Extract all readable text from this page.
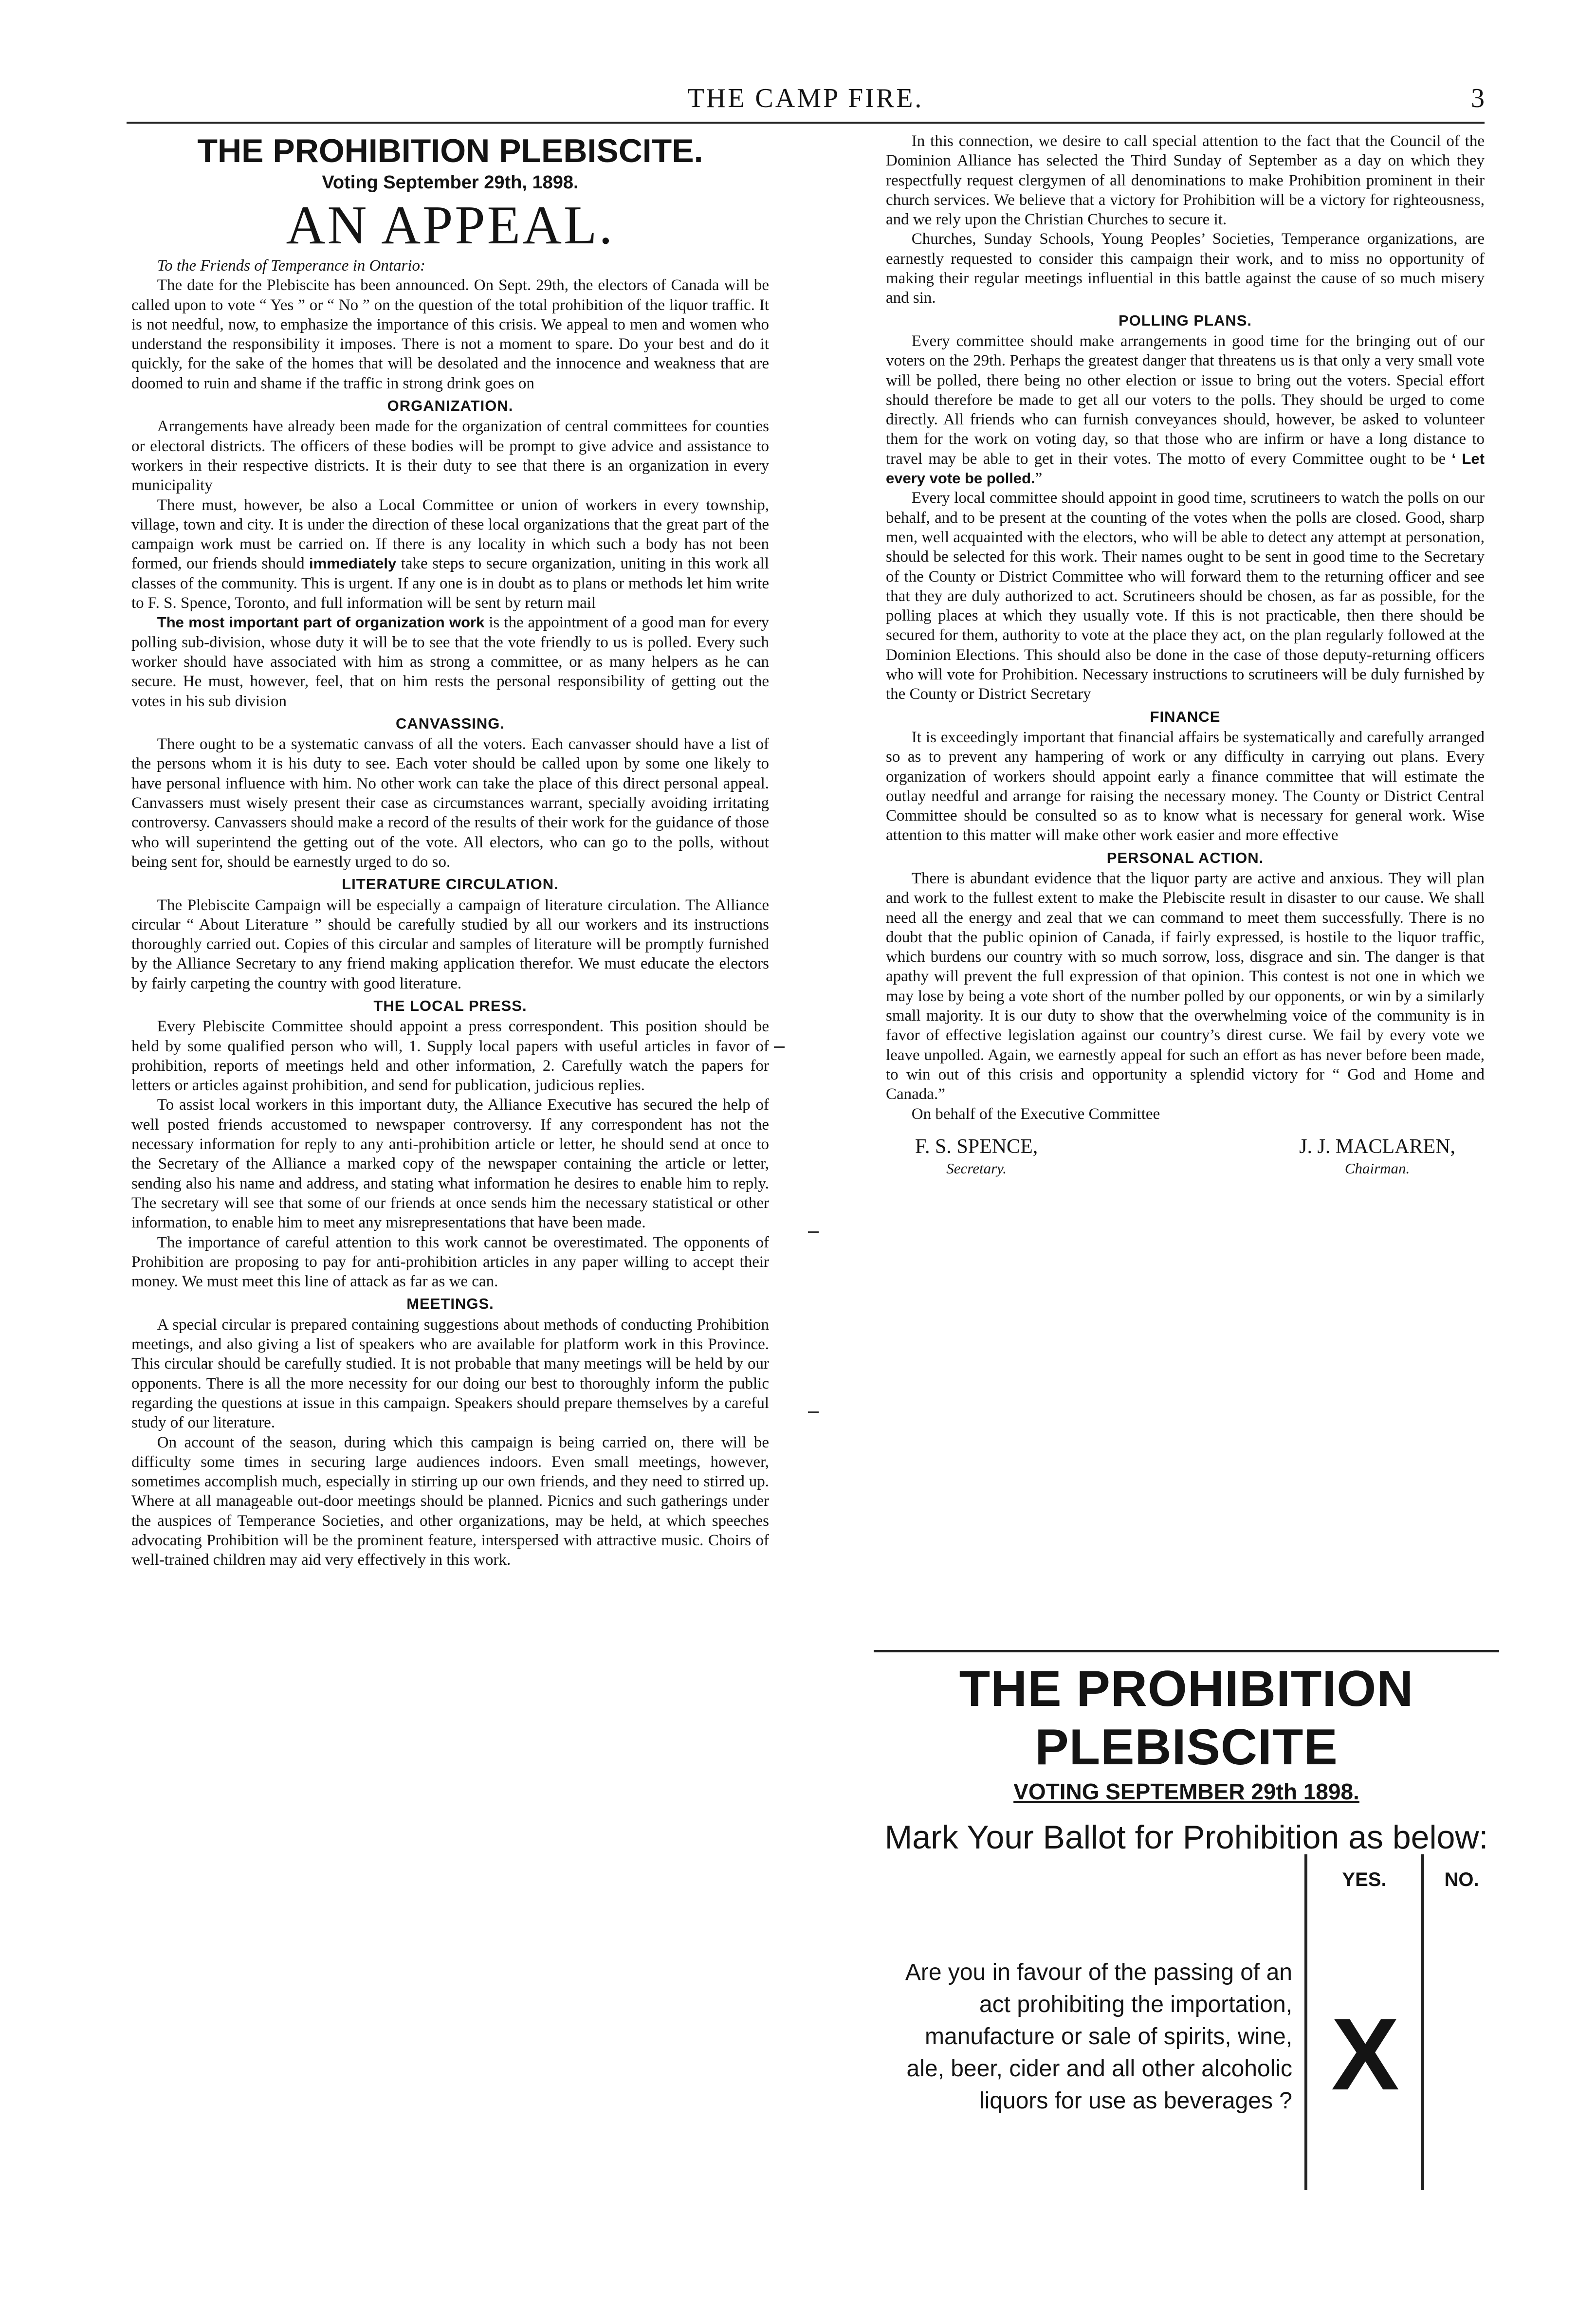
THE CAMP FIRE.	3
THE PROHIBITION PLEBISCITE.
Voting September 29th, 1898.
AN APPEAL.

To the Friends of Temperance in Ontario:

The date for the Plebiscite has been announced. On Sept. 29th, the electors of Canada will be called upon to vote “ Yes ” or “ No ” on the question of the total prohibition of the liquor traffic. It is not needful, now, to emphasize the importance of this crisis. We appeal to men and women who understand the responsibility it imposes. There is not a moment to spare. Do your best and do it quickly, for the sake of the homes that will be desolated and the innocence and weakness that are doomed to ruin and shame if the traffic in strong drink goes on

ORGANIZATION.

Arrangements have already been made for the organization of central committees for counties or electoral districts. The officers of these bodies will be prompt to give advice and assistance to workers in their respective districts. It is their duty to see that there is an organization in every municipality

There must, however, be also a Local Committee or union of workers in every township, village, town and city. It is under the direction of these local organizations that the great part of the campaign work must be carried on. If there is any locality in which such a body has not been formed, our friends should immediately take steps to secure organization, uniting in this work all classes of the community. This is urgent. If any one is in doubt as to plans or methods let him write to F. S. Spence, Toronto, and full information will be sent by return mail

The most important part of organization work is the appointment of a good man for every polling sub-division, whose duty it will be to see that the vote friendly to us is polled. Every such worker should have associated with him as strong a committee, or as many helpers as he can secure. He must, however, feel, that on him rests the personal responsibility of getting out the votes in his sub division

CANVASSING.

There ought to be a systematic canvass of all the voters. Each canvasser should have a list of the persons whom it is his duty to see. Each voter should be called upon by some one likely to have personal influence with him. No other work can take the place of this direct personal appeal. Canvassers must wisely present their case as circumstances warrant, specially avoiding irritating controversy. Canvassers should make a record of the results of their work for the guidance of those who will superintend the getting out of the vote. All electors, who can go to the polls, without being sent for, should be earnestly urged to do so.

LITERATURE CIRCULATION.

The Plebiscite Campaign will be especially a campaign of literature circulation. The Alliance circular “ About Literature ” should be carefully studied by all our workers and its instructions thoroughly carried out. Copies of this circular and samples of literature will be promptly furnished by the Alliance Secretary to any friend making application therefor. We must educate the electors by fairly carpeting the country with good literature.

THE LOCAL PRESS.

Every Plebiscite Committee should appoint a press correspondent. This position should be held by some qualified person who will, 1. Supply local papers with useful articles in favor of prohibition, reports of meetings held and other information, 2. Carefully watch the papers for letters or articles against prohibition, and send for publication, judicious replies.

To assist local workers in this important duty, the Alliance Executive has secured the help of well posted friends accustomed to newspaper controversy. If any correspondent has not the necessary information for reply to any anti-prohibition article or letter, he should send at once to the Secretary of the Alliance a marked copy of the newspaper containing the article or letter, sending also his name and address, and stating what information he desires to enable him to reply. The secretary will see that some of our friends at once sends him the necessary statistical or other information, to enable him to meet any misrepresentations that have been made.

The importance of careful attention to this work cannot be overestimated. The opponents of Prohibition are proposing to pay for anti-prohibition articles in any paper willing to accept their money. We must meet this line of attack as far as we can.

MEETINGS.

A special circular is prepared containing suggestions about methods of conducting Prohibition meetings, and also giving a list of speakers who are available for platform work in this Province. This circular should be carefully studied. It is not probable that many meetings will be held by our opponents. There is all the more necessity for our doing our best to thoroughly inform the public regarding the questions at issue in this campaign. Speakers should prepare themselves by a careful study of our literature.

On account of the season, during which this campaign is being carried on, there will be difficulty some times in securing large audiences indoors. Even small meetings, however, sometimes accomplish much, especially in stirring up our own friends, and they need to stirred up. Where at all manageable out-door meetings should be planned. Picnics and such gatherings under the auspices of Temperance Societies, and other organizations, may be held, at which speeches advocating Prohibition will be the prominent feature, interspersed with attractive music. Choirs of well-trained children may aid very effectively in this work.

In this connection, we desire to call special attention to the fact that the Council of the Dominion Alliance has selected the Third Sunday of September as a day on which they respectfully request clergymen of all denominations to make Prohibition prominent in their church services. We believe that a victory for Prohibition will be a victory for righteousness, and we rely upon the Christian Churches to secure it.

Churches, Sunday Schools, Young Peoples’ Societies, Temperance organizations, are earnestly requested to consider this campaign their work, and to miss no opportunity of making their regular meetings influential in this battle against the cause of so much misery and sin.

POLLING PLANS.

Every committee should make arrangements in good time for the bringing out of our voters on the 29th. Perhaps the greatest danger that threatens us is that only a very small vote will be polled, there being no other election or issue to bring out the voters. Special effort should therefore be made to get all our voters to the polls. They should be urged to come directly. All friends who can furnish conveyances should, however, be asked to volunteer them for the work on voting day, so that those who are infirm or have a long distance to travel may be able to get in their votes. The motto of every Committee ought to be ‘ Let every vote be polled.”

Every local committee should appoint in good time, scrutineers to watch the polls on our behalf, and to be present at the counting of the votes when the polls are closed. Good, sharp men, well acquainted with the electors, who will be able to detect any attempt at personation, should be selected for this work. Their names ought to be sent in good time to the Secretary of the County or District Committee who will forward them to the returning officer and see that they are duly authorized to act. Scrutineers should be chosen, as far as possible, for the polling places at which they usually vote. If this is not practicable, then there should be secured for them, authority to vote at the place they act, on the plan regularly followed at the Dominion Elections. This should also be done in the case of those deputy-returning officers who will vote for Prohibition. Necessary instructions to scrutineers will be duly furnished by the County or District Secretary

FINANCE

It is exceedingly important that financial affairs be systematically and carefully arranged so as to prevent any hampering of work or any difficulty in carrying out plans. Every organization of workers should appoint early a finance committee that will estimate the outlay needful and arrange for raising the necessary money. The County or District Central Committee should be consulted so as to know what is necessary for general work. Wise attention to this matter will make other work easier and more effective

PERSONAL ACTION.

There is abundant evidence that the liquor party are active and anxious. They will plan and work to the fullest extent to make the Plebiscite result in disaster to our cause. We shall need all the energy and zeal that we can command to meet them successfully. There is no doubt that the public opinion of Canada, if fairly expressed, is hostile to the liquor traffic, which burdens our country with so much sorrow, loss, disgrace and sin. The danger is that apathy will prevent the full expression of that opinion. This contest is not one in which we may lose by being a vote short of the number polled by our opponents, or win by a similarly small majority. It is our duty to show that the overwhelming voice of the community is in favor of effective legislation against our country’s direst curse. We fail by every vote we leave unpolled. Again, we earnestly appeal for such an effort as has never before been made, to win out of this crisis and opportunity a splendid victory for “ God and Home and Canada.”

On behalf of the Executive Committee

F. S. SPENCE,
Secretary.
J. J. MACLAREN,
Chairman.
THE PROHIBITION PLEBISCITE
VOTING SEPTEMBER 29th 1898.
Mark Your Ballot for Prohibition as below:
YES.	NO.
Are you in favour of the passing of an act prohibiting the importation, manufacture or sale of spirits, wine, ale, beer, cider and all other alcoholic liquors for use as beverages ? X
